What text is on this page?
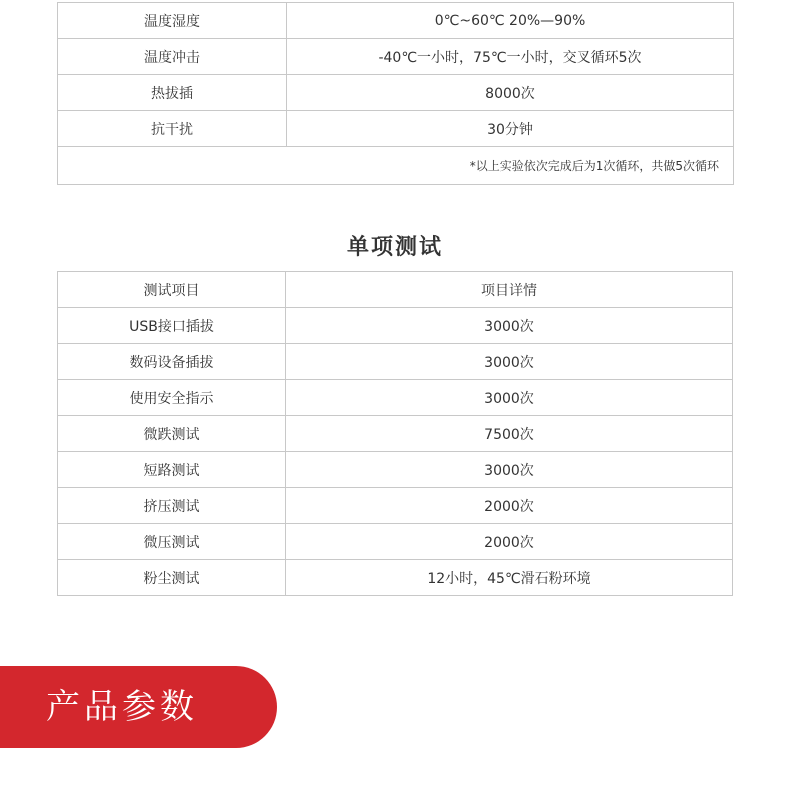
温度湿度	0℃~60℃ 20%—90%
温度冲击	-40℃一小时，75℃一小时，交叉循环5次
热拔插	8000次
抗干扰	30分钟
*以上实验依次完成后为1次循环，共做5次循环	
单项测试
测试项目	项目详情
USB接口插拔	3000次
数码设备插拔	3000次
使用安全指示	3000次
微跌测试	7500次
短路测试	3000次
挤压测试	2000次
微压测试	2000次
粉尘测试	12小时，45℃滑石粉环境
产品参数
